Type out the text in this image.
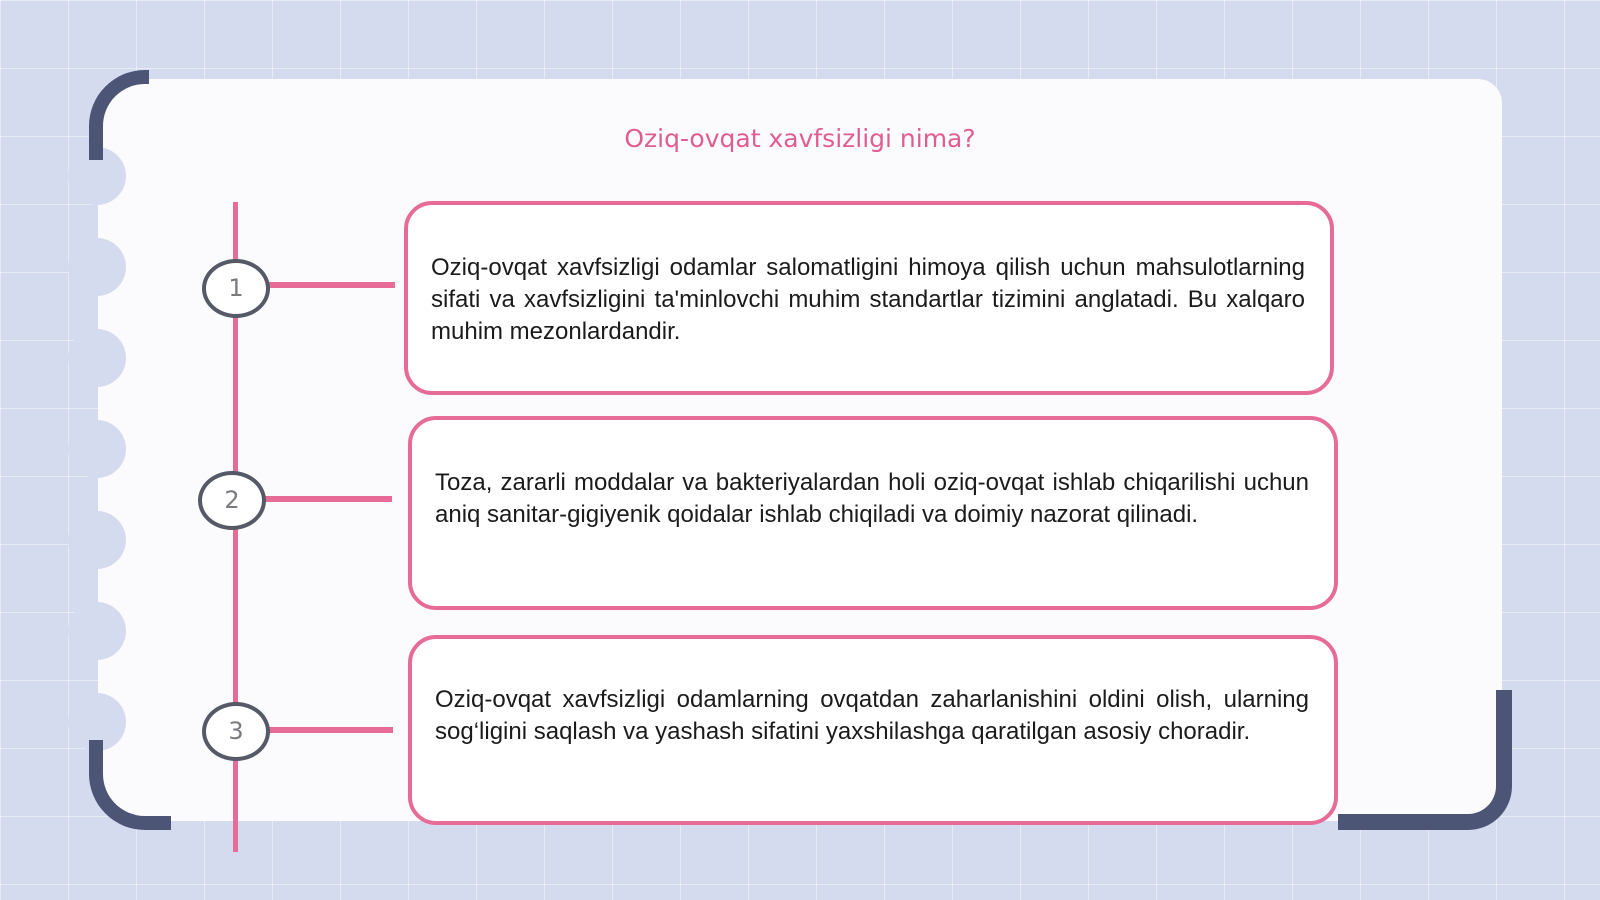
Oziq-ovqat xavfsizligi nima?
1
2
3
Oziq-ovqat xavfsizligi odamlar salomatligini himoya qilish uchun mahsulotlarning sifati va xavfsizligini ta'minlovchi muhim standartlar tizimini anglatadi. Bu xalqaro muhim mezonlardandir.
Toza, zararli moddalar va bakteriyalardan holi oziq-ovqat ishlab chiqarilishi uchun aniq sanitar-gigiyenik qoidalar ishlab chiqiladi va doimiy nazorat qilinadi.
Oziq-ovqat xavfsizligi odamlarning ovqatdan zaharlanishini oldini olish, ularning sog‘ligini saqlash va yashash sifatini yaxshilashga qaratilgan asosiy choradir.
